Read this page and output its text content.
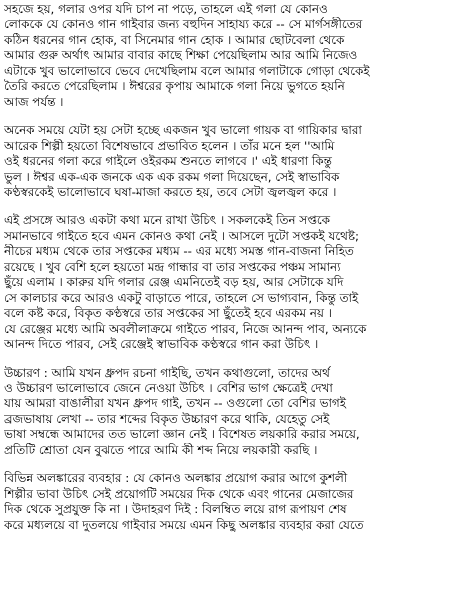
সহজে হয়, গলার ওপর যদি চাপ না পড়ে, তাহলে এই গলা যে কোনও
লোককে যে কোনও গান গাইবার জন্য বহুদিন সাহায্য করে -- সে মার্গসঙ্গীতের
কঠিন ধরনের গান হোক, বা সিনেমার গান হোক । আমার ছোটবেলা থেকে
আমার গুরু অর্থাৎ আমার বাবার কাছে শিক্ষা পেয়েছিলাম আর আমি নিজেও
এটাকে খুব ভালোভাবে ভেবে দেখেছিলাম বলে আমার গলাটাকে গোড়া থেকেই
তৈরি করতে পেরেছিলাম । ঈশ্বরের কৃপায় আমাকে গলা নিয়ে ভুগতে হয়নি
আজ পর্যন্ত ।

অনেক সময়ে যেটা হয় সেটা হচ্ছে একজন খুব ভালো গায়ক বা গায়িকার দ্বারা
আরেক শিল্পী হয়তো বিশেষভাবে প্রভাবিত হলেন । তাঁর মনে হল ''আমি
ওই ধরনের গলা করে গাইলে ওইরকম শুনতে লাগবে ।' এই ধারণা কিন্তু
ভুল । ঈশ্বর এক-এক জনকে এক এক রকম গলা দিয়েছেন, সেই স্বাভাবিক
কণ্ঠস্বরকেই ভালোভাবে ঘষা-মাজা করতে হয়, তবে সেটা জ্বলজ্বল করে ।

এই প্রসঙ্গে আরও একটা কথা মনে রাখা উচিৎ । সকলকেই তিন সপ্তকে
সমানভাবে গাইতে হবে এমন কোনও কথা নেই । আসলে দুটো সপ্তকই যথেষ্ট;
নীচের মধ্যম থেকে তার সপ্তকের মধ্যম -- এর মধ্যে সমস্ত গান-বাজনা নিহিত
রয়েছে । খুব বেশি হলে হয়তো মন্দ্র গান্ধার বা তার সপ্তকের পঞ্চম সামান্য
ছুঁয়ে এলাম । কারুর যদি গলার রেঞ্জ এমনিতেই বড় হয়, আর সেটাকে যদি
সে কালচার করে আরও একটু বাড়াতে পারে, তাহলে সে ভাগ্যবান, কিন্তু তাই
বলে কষ্ট করে, বিকৃত কণ্ঠস্বরে তার সপ্তকের সা ছুঁতেই হবে এরকম নয় ।
যে রেঞ্জের মধ্যে আমি অবলীলাক্রমে গাইতে পারব, নিজে আনন্দ পাব, অন্যকে
আনন্দ দিতে পারব, সেই রেঞ্জেই স্বাভাবিক কণ্ঠস্বরে গান করা উচিৎ ।

উচ্চারণ : আমি যখন ধ্রুপদ রচনা গাইছি, তখন কথাগুলো, তাদের অর্থ
ও উচ্চারণ ভালোভাবে জেনে নেওয়া উচিৎ । বেশির ভাগ ক্ষেত্রেই দেখা
যায় আমরা বাঙালীরা যখন ধ্রুপদ গাই, তখন -- ওগুলো তো বেশির ভাগই
ব্রজভাষায় লেখা -- তার শব্দের বিকৃত উচ্চারণ করে থাকি, যেহেতু সেই
ভাষা সম্বন্ধে আমাদের তত ভালো জ্ঞান নেই । বিশেষত লয়কারি করার সময়ে,
প্রতিটি শ্রোতা যেন বুঝতে পারে আমি কী শব্দ নিয়ে লয়কারী করছি ।

বিভিন্ন অলঙ্কারের ব্যবহার : যে কোনও অলঙ্কার প্রয়োগ করার আগে কুশলী
শিল্পীর ভাবা উচিৎ সেই প্রয়োগটি সময়ের দিক থেকে এবং গানের মেজাজের
দিক থেকে সুপ্রযুক্ত কি না । উদাহরণ দিই : বিলম্বিত লয়ে রাগ রূপায়ণ শেষ
করে মধ্যলয়ে বা দুতলয়ে গাইবার সময়ে এমন কিছু অলঙ্কার ব্যবহার করা যেতে
